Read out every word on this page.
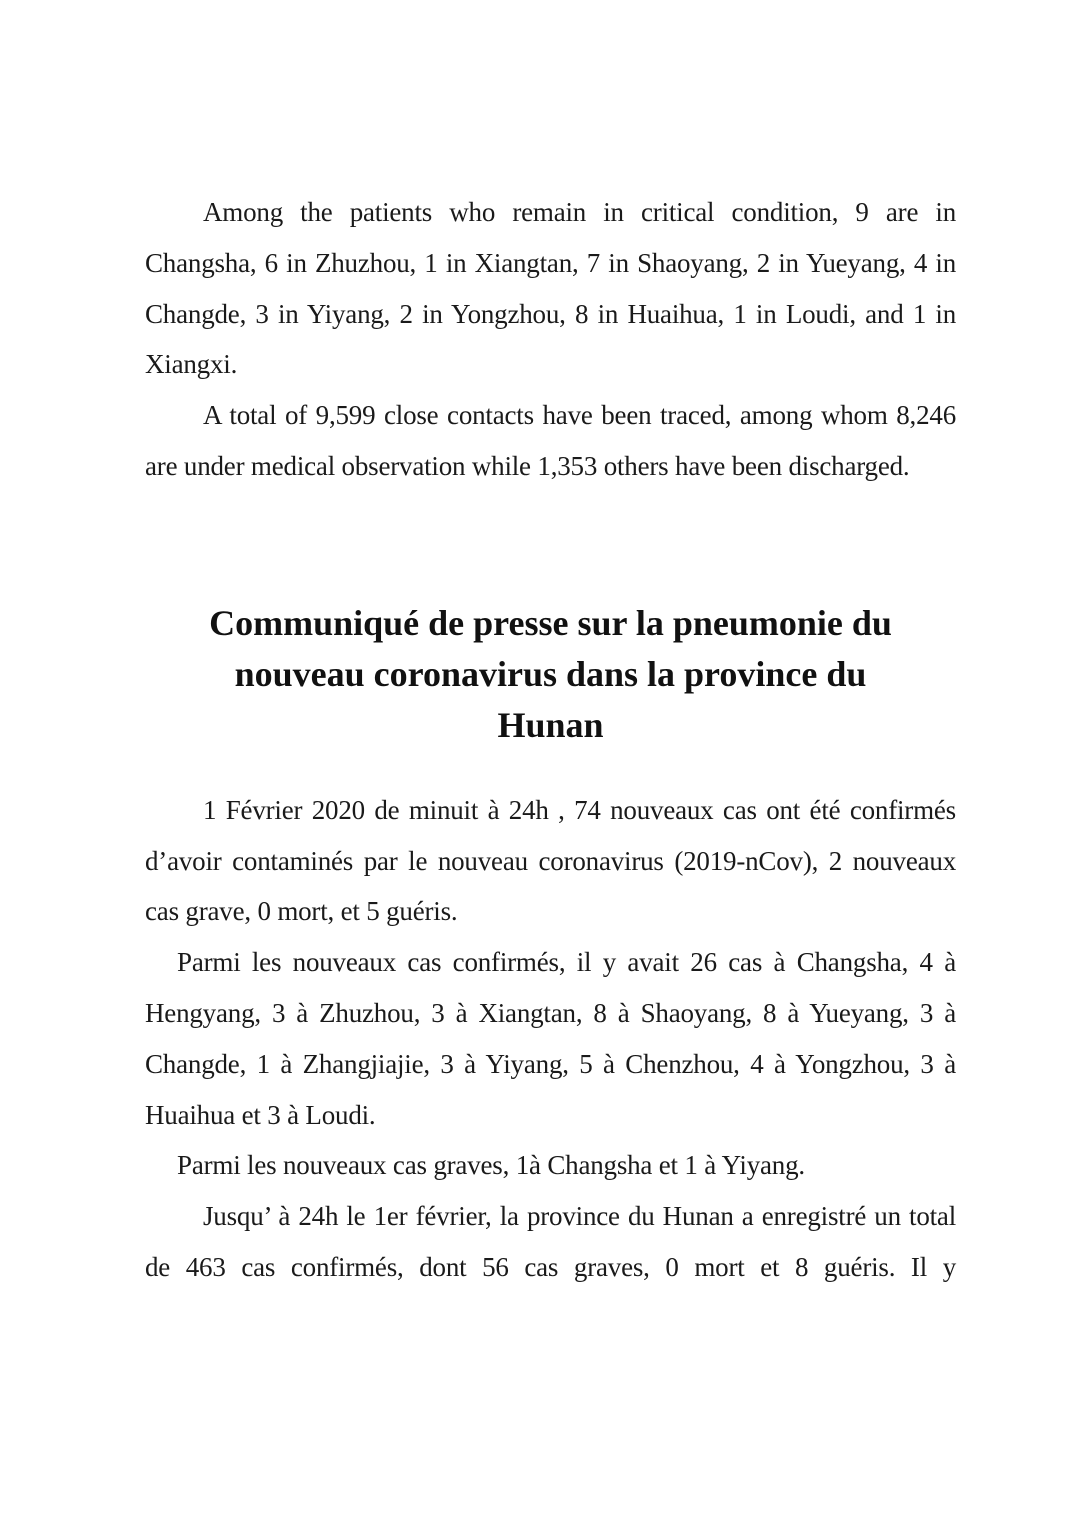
Among the patients who remain in critical condition, 9 are in Changsha, 6 in Zhuzhou, 1 in Xiangtan, 7 in Shaoyang, 2 in Yueyang, 4 in Changde, 3 in Yiyang, 2 in Yongzhou, 8 in Huaihua, 1 in Loudi, and 1 in Xiangxi.

A total of 9,599 close contacts have been traced, among whom 8,246 are under medical observation while 1,353 others have been discharged.

Communiqué de presse sur la pneumonie du
nouveau coronavirus dans la province du
Hunan

1 Février 2020 de minuit à 24h , 74 nouveaux cas ont été confirmés d’avoir contaminés par le nouveau coronavirus (2019-nCov), 2 nouveaux cas grave, 0 mort, et 5 guéris.

Parmi les nouveaux cas confirmés, il y avait 26 cas à Changsha, 4 à Hengyang, 3 à Zhuzhou, 3 à Xiangtan, 8 à Shaoyang, 8 à Yueyang, 3 à Changde, 1 à Zhangjiajie, 3 à Yiyang, 5 à Chenzhou, 4 à Yongzhou, 3 à Huaihua et 3 à Loudi.

Parmi les nouveaux cas graves, 1à Changsha et 1 à Yiyang.

Jusqu’ à 24h le 1er février, la province du Hunan a enregistré un total de 463 cas confirmés, dont 56 cas graves, 0 mort et 8 guéris. Il y
